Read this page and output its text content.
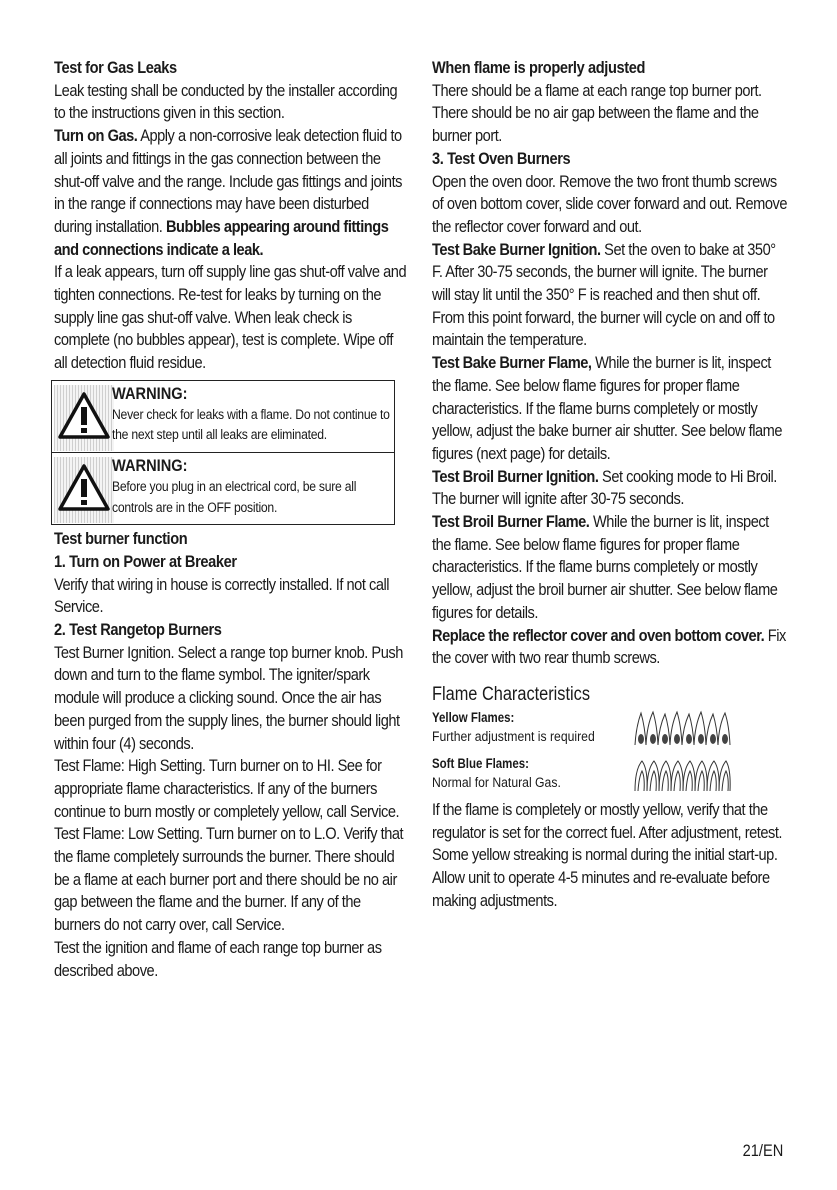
Test for Gas Leaks

Leak testing shall be conducted by the installer according to the instructions given in this section.

Turn on Gas. Apply a non-corrosive leak detection fluid to all joints and fittings in the gas connection between the shut-off valve and the range. Include gas fittings and joints in the range if connections may have been disturbed during installation. Bubbles appearing around fittings and connections indicate a leak.

If a leak appears, turn off supply line gas shut-off valve and tighten connections. Re-test for leaks by turning on the supply line gas shut-off valve. When leak check is complete (no bubbles appear), test is complete. Wipe off all detection fluid residue.

WARNING:
Never check for leaks with a flame. Do not continue to the next step until all leaks are eliminated.
WARNING:
Before you plug in an electrical cord, be sure all controls are in the OFF position.
Test burner function
1. Turn on Power at Breaker

Verify that wiring in house is correctly installed. If not call Service.

2. Test Rangetop Burners

Test Burner Ignition. Select a range top burner knob. Push down and turn to the flame symbol. The igniter/spark module will produce a clicking sound. Once the air has been purged from the supply lines, the burner should light within four (4) seconds.

Test Flame: High Setting. Turn burner on to HI. See for appropriate flame characteristics. If any of the burners continue to burn mostly or completely yellow, call Service.

Test Flame: Low Setting. Turn burner on to L.O. Verify that the flame completely surrounds the burner. There should be a flame at each burner port and there should be no air gap between the flame and the burner. If any of the burners do not carry over, call Service.

Test the ignition and flame of each range top burner as described above.

When flame is properly adjusted

There should be a flame at each range top burner port.

There should be no air gap between the flame and the burner port.

3. Test Oven Burners

Open the oven door. Remove the two front thumb screws of oven bottom cover, slide cover forward and out. Remove the reflector cover forward and out.

Test Bake Burner Ignition. Set the oven to bake at 350° F. After 30-75 seconds, the burner will ignite. The burner will stay lit until the 350° F is reached and then shut off. From this point forward, the burner will cycle on and off to maintain the temperature.

Test Bake Burner Flame, While the burner is lit, inspect the flame. See below flame figures for proper flame characteristics. If the flame burns completely or mostly yellow, adjust the bake burner air shutter. See below flame figures (next page) for details.

Test Broil Burner Ignition. Set cooking mode to Hi Broil. The burner will ignite after 30-75 seconds.

Test Broil Burner Flame. While the burner is lit, inspect the flame. See below flame figures for proper flame characteristics. If the flame burns completely or mostly yellow, adjust the broil burner air shutter. See below flame figures for details.

Replace the reflector cover and oven bottom cover. Fix the cover with two rear thumb screws.

Flame Characteristics
Yellow Flames:
Further adjustment is required
Soft Blue Flames:
Normal for Natural Gas.

If the flame is completely or mostly yellow, verify that the regulator is set for the correct fuel. After adjustment, retest.

Some yellow streaking is normal during the initial start-up. Allow unit to operate 4-5 minutes and re-evaluate before making adjustments.

21/EN
